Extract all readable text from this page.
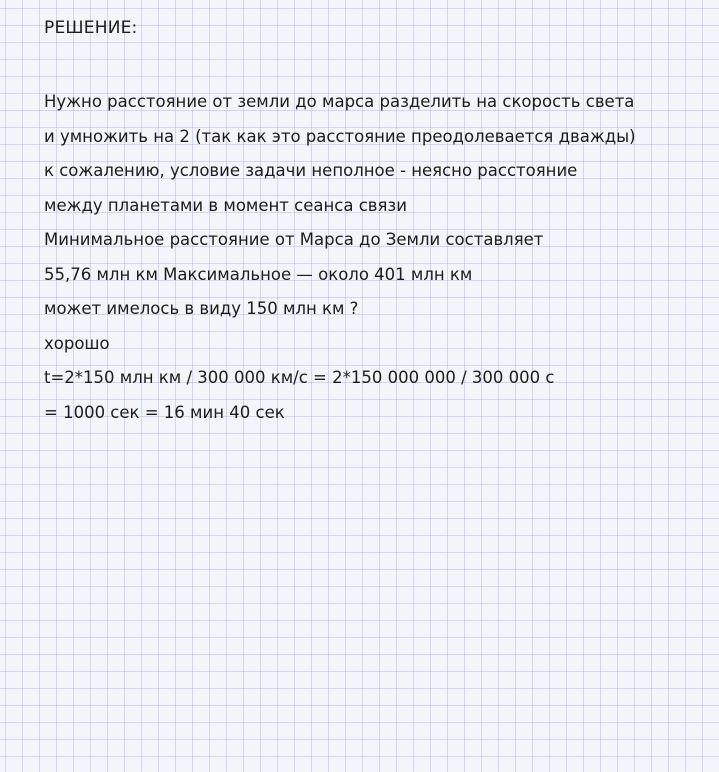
РЕШЕНИЕ:
Нужно расстояние от земли до марса разделить на скорость света
и умножить на 2 (так как это расстояние преодолевается дважды)
к сожалению, условие задачи неполное - неясно расстояние
между планетами в момент сеанса связи
Минимальное расстояние от Марса до Земли составляет
55,76 млн км Максимальное — около 401 млн км
может имелось в виду 150 млн км ?
хорошо
t=2*150 млн км / 300 000 км/с = 2*150 000 000 / 300 000 с
= 1000 сек = 16 мин 40 сек
